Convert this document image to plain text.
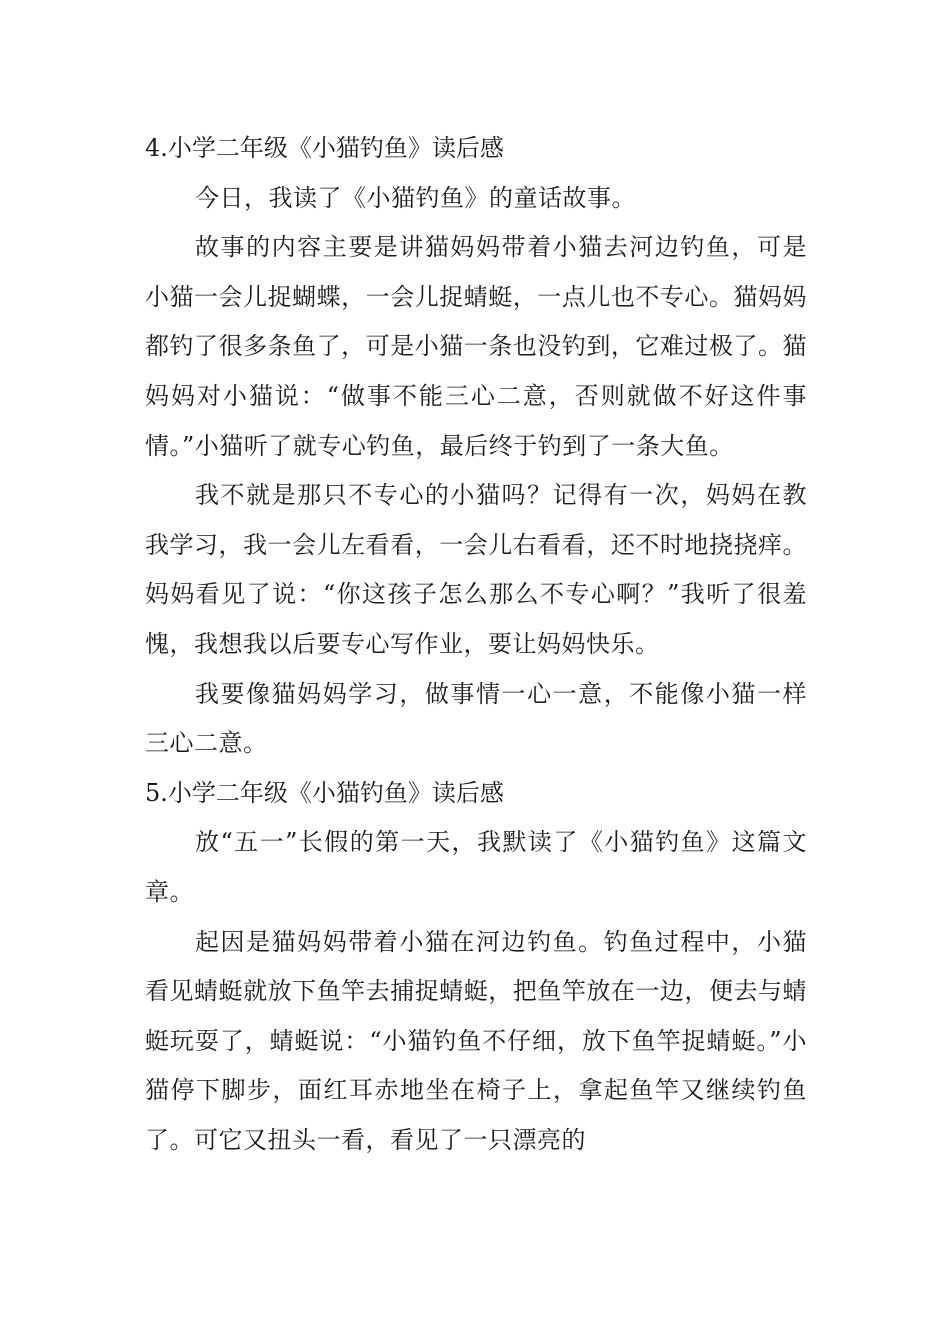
4.小学二年级《小猫钓鱼》读后感

今日，我读了《小猫钓鱼》的童话故事。

故事的内容主要是讲猫妈妈带着小猫去河边钓鱼，可是小猫一会儿捉蝴蝶，一会儿捉蜻蜓，一点儿也不专心。猫妈妈都钓了很多条鱼了，可是小猫一条也没钓到，它难过极了。猫妈妈对小猫说：“做事不能三心二意，否则就做不好这件事情。”小猫听了就专心钓鱼，最后终于钓到了一条大鱼。

我不就是那只不专心的小猫吗？记得有一次，妈妈在教我学习，我一会儿左看看，一会儿右看看，还不时地挠挠痒。妈妈看见了说：“你这孩子怎么那么不专心啊？”我听了很羞愧，我想我以后要专心写作业，要让妈妈快乐。

我要像猫妈妈学习，做事情一心一意，不能像小猫一样三心二意。

5.小学二年级《小猫钓鱼》读后感

放“五一”长假的第一天，我默读了《小猫钓鱼》这篇文章。

起因是猫妈妈带着小猫在河边钓鱼。钓鱼过程中，小猫看见蜻蜓就放下鱼竿去捕捉蜻蜓，把鱼竿放在一边，便去与蜻蜓玩耍了，蜻蜓说：“小猫钓鱼不仔细，放下鱼竿捉蜻蜓。”小猫停下脚步，面红耳赤地坐在椅子上，拿起鱼竿又继续钓鱼了。可它又扭头一看，看见了一只漂亮的
